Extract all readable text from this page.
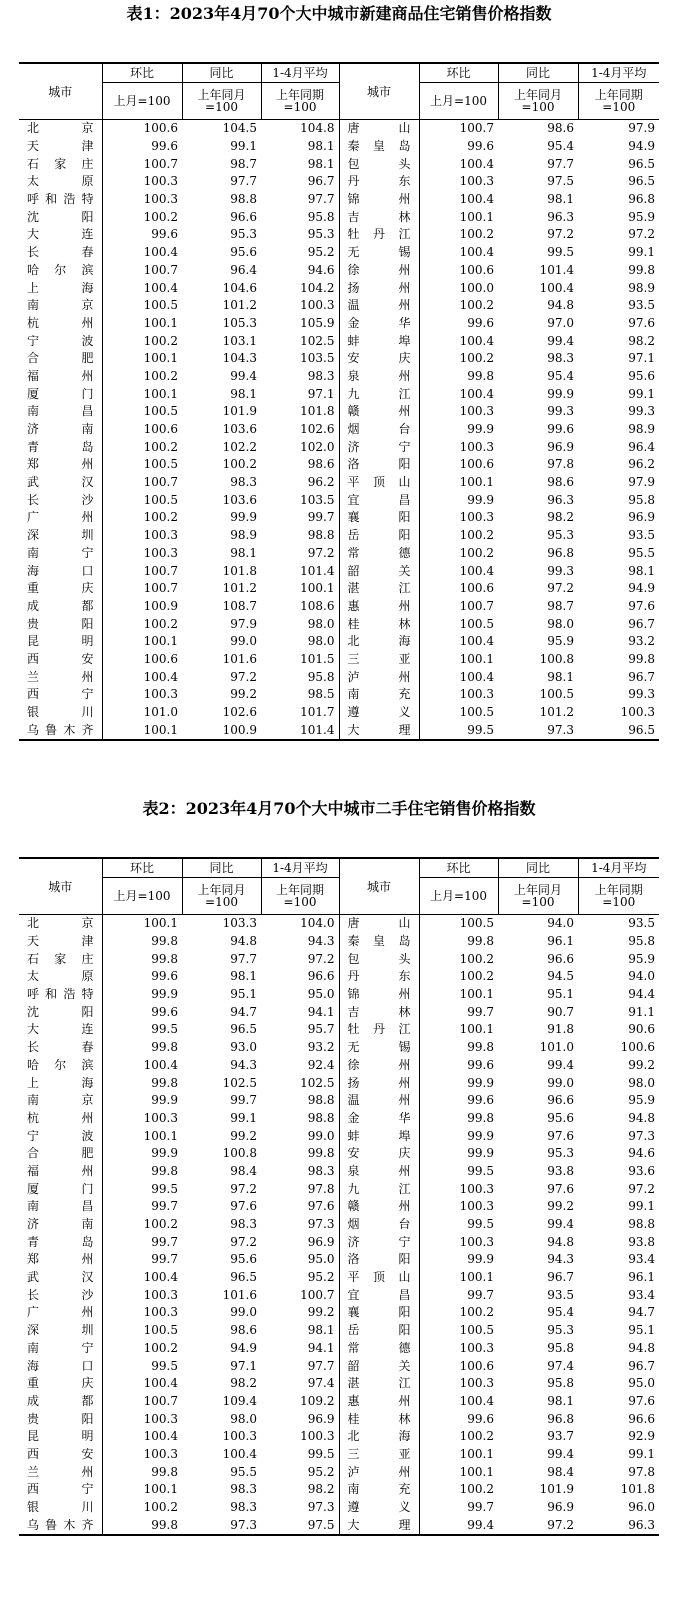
表1：2023年4月70个大中城市新建商品住宅销售价格指数
城市	环比	同比	1-4月平均	城市	环比	同比	1-4月平均
	上月=100	上年同月=100	上年同期=100		上月=100	上年同月=100	上年同期=100
北　　京	100.6	104.5	104.8	唐　　山	100.7	98.6	97.9
天　　津	99.6	99.1	98.1	秦 皇 岛	99.6	95.4	94.9
石 家 庄	100.7	98.7	98.1	包　　头	100.4	97.7	96.5
太　　原	100.3	97.7	96.7	丹　　东	100.3	97.5	96.5
呼和浩特	100.3	98.8	97.7	锦　　州	100.4	98.1	96.8
沈　　阳	100.2	96.6	95.8	吉　　林	100.1	96.3	95.9
大　　连	99.6	95.3	95.3	牡 丹 江	100.2	97.2	97.2
长　　春	100.4	95.6	95.2	无　　锡	100.4	99.5	99.1
哈 尔 滨	100.7	96.4	94.6	徐　　州	100.6	101.4	99.8
上　　海	100.4	104.6	104.2	扬　　州	100.0	100.4	98.9
南　　京	100.5	101.2	100.3	温　　州	100.2	94.8	93.5
杭　　州	100.1	105.3	105.9	金　　华	99.6	97.0	97.6
宁　　波	100.2	103.1	102.5	蚌　　埠	100.4	99.4	98.2
合　　肥	100.1	104.3	103.5	安　　庆	100.2	98.3	97.1
福　　州	100.2	99.4	98.3	泉　　州	99.8	95.4	95.6
厦　　门	100.1	98.1	97.1	九　　江	100.4	99.9	99.1
南　　昌	100.5	101.9	101.8	赣　　州	100.3	99.3	99.3
济　　南	100.6	103.6	102.6	烟　　台	99.9	99.6	98.9
青　　岛	100.2	102.2	102.0	济　　宁	100.3	96.9	96.4
郑　　州	100.5	100.2	98.6	洛　　阳	100.6	97.8	96.2
武　　汉	100.7	98.3	96.2	平 顶 山	100.1	98.6	97.9
长　　沙	100.5	103.6	103.5	宜　　昌	99.9	96.3	95.8
广　　州	100.2	99.9	99.7	襄　　阳	100.3	98.2	96.9
深　　圳	100.3	98.9	98.8	岳　　阳	100.2	95.3	93.5
南　　宁	100.3	98.1	97.2	常　　德	100.2	96.8	95.5
海　　口	100.7	101.8	101.4	韶　　关	100.4	99.3	98.1
重　　庆	100.7	101.2	100.1	湛　　江	100.6	97.2	94.9
成　　都	100.9	108.7	108.6	惠　　州	100.7	98.7	97.6
贵　　阳	100.2	97.9	98.0	桂　　林	100.5	98.0	96.7
昆　　明	100.1	99.0	98.0	北　　海	100.4	95.9	93.2
西　　安	100.6	101.6	101.5	三　　亚	100.1	100.8	99.8
兰　　州	100.4	97.2	95.8	泸　　州	100.4	98.1	96.7
西　　宁	100.3	99.2	98.5	南　　充	100.3	100.5	99.3
银　　川	101.0	102.6	101.7	遵　　义	100.5	101.2	100.3
乌鲁木齐	100.1	100.9	101.4	大　　理	99.5	97.3	96.5
表2：2023年4月70个大中城市二手住宅销售价格指数
城市	环比	同比	1-4月平均	城市	环比	同比	1-4月平均
	上月=100	上年同月=100	上年同期=100		上月=100	上年同月=100	上年同期=100
北　　京	100.1	103.3	104.0	唐　　山	100.5	94.0	93.5
天　　津	99.8	94.8	94.3	秦 皇 岛	99.8	96.1	95.8
石 家 庄	99.8	97.7	97.2	包　　头	100.2	96.6	95.9
太　　原	99.6	98.1	96.6	丹　　东	100.2	94.5	94.0
呼和浩特	99.9	95.1	95.0	锦　　州	100.1	95.1	94.4
沈　　阳	99.6	94.7	94.1	吉　　林	99.7	90.7	91.1
大　　连	99.5	96.5	95.7	牡 丹 江	100.1	91.8	90.6
长　　春	99.8	93.0	93.2	无　　锡	99.8	101.0	100.6
哈 尔 滨	100.4	94.3	92.4	徐　　州	99.6	99.4	99.2
上　　海	99.8	102.5	102.5	扬　　州	99.9	99.0	98.0
南　　京	99.9	99.7	98.8	温　　州	99.6	96.6	95.9
杭　　州	100.3	99.1	98.8	金　　华	99.8	95.6	94.8
宁　　波	100.1	99.2	99.0	蚌　　埠	99.9	97.6	97.3
合　　肥	99.9	100.8	99.8	安　　庆	99.9	95.3	94.6
福　　州	99.8	98.4	98.3	泉　　州	99.5	93.8	93.6
厦　　门	99.5	97.2	97.8	九　　江	100.3	97.6	97.2
南　　昌	99.7	97.6	97.6	赣　　州	100.3	99.2	99.1
济　　南	100.2	98.3	97.3	烟　　台	99.5	99.4	98.8
青　　岛	99.7	97.2	96.9	济　　宁	100.3	94.8	93.8
郑　　州	99.7	95.6	95.0	洛　　阳	99.9	94.3	93.4
武　　汉	100.4	96.5	95.2	平 顶 山	100.1	96.7	96.1
长　　沙	100.3	101.6	100.7	宜　　昌	99.7	93.5	93.4
广　　州	100.3	99.0	99.2	襄　　阳	100.2	95.4	94.7
深　　圳	100.5	98.6	98.1	岳　　阳	100.5	95.3	95.1
南　　宁	100.2	94.9	94.1	常　　德	100.3	95.8	94.8
海　　口	99.5	97.1	97.7	韶　　关	100.6	97.4	96.7
重　　庆	100.4	98.2	97.4	湛　　江	100.3	95.8	95.0
成　　都	100.7	109.4	109.2	惠　　州	100.4	98.1	97.6
贵　　阳	100.3	98.0	96.9	桂　　林	99.6	96.8	96.6
昆　　明	100.4	100.3	100.3	北　　海	100.2	93.7	92.9
西　　安	100.3	100.4	99.5	三　　亚	100.1	99.4	99.1
兰　　州	99.8	95.5	95.2	泸　　州	100.1	98.4	97.8
西　　宁	100.1	98.3	98.2	南　　充	100.2	101.9	101.8
银　　川	100.2	98.3	97.3	遵　　义	99.7	96.9	96.0
乌鲁木齐	99.8	97.3	97.5	大　　理	99.4	97.2	96.3
